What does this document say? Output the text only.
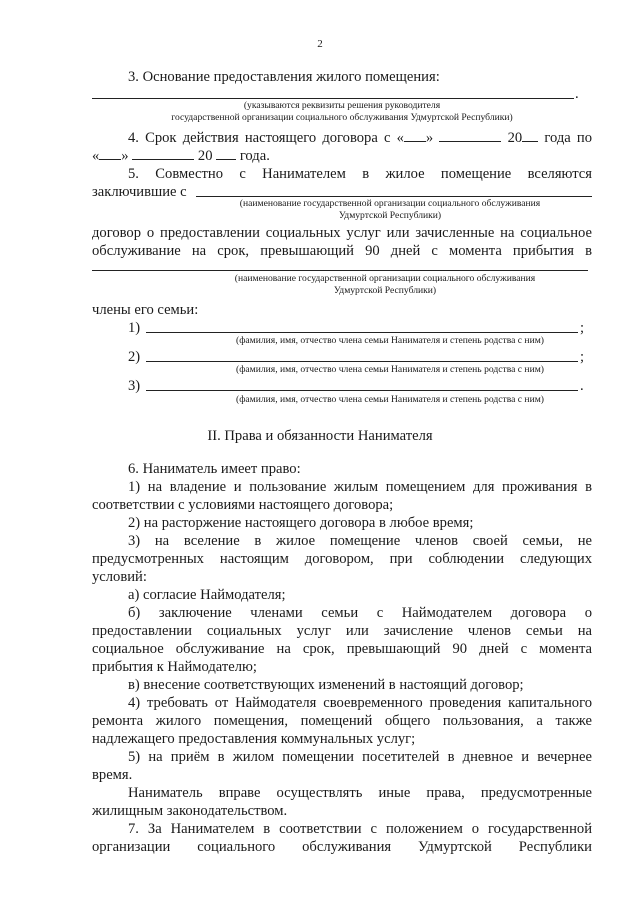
2
3. Основание предоставления жилого помещения:
.
(указываются реквизиты решения руководителя
государственной организации социального обслуживания Удмуртской Республики)
4. Срок действия настоящего договора с « »	20 года по
« »	20 года.
5. Совместно с Нанимателем в жилое помещение вселяются
заключившие с
(наименование государственной организации социального обслуживания
Удмуртской Республики)
договор о предоставлении социальных услуг или зачисленные на социальное
обслуживание на срок, превышающий 90 дней с момента прибытия в
(наименование государственной организации социального обслуживания
Удмуртской Республики)
члены его семьи:
1)	;
(фамилия, имя, отчество члена семьи Нанимателя и степень родства с ним)
2)	;
(фамилия, имя, отчество члена семьи Нанимателя и степень родства с ним)
3)	.
(фамилия, имя, отчество члена семьи Нанимателя и степень родства с ним)
II. Права и обязанности Нанимателя
6. Наниматель имеет право:
1) на владение и пользование жилым помещением для проживания в
соответствии с условиями настоящего договора;
2) на расторжение настоящего договора в любое время;
3) на вселение в жилое помещение членов своей семьи, не
предусмотренных настоящим договором, при соблюдении следующих
условий:
а) согласие Наймодателя;
б) заключение членами семьи с Наймодателем договора о
предоставлении социальных услуг или зачисление членов семьи на
социальное обслуживание на срок, превышающий 90 дней с момента
прибытия к Наймодателю;
в) внесение соответствующих изменений в настоящий договор;
4) требовать от Наймодателя своевременного проведения капитального
ремонта жилого помещения, помещений общего пользования, а также
надлежащего предоставления коммунальных услуг;
5) на приём в жилом помещении посетителей в дневное и вечернее
время.
Наниматель вправе осуществлять иные права, предусмотренные
жилищным законодательством.
7. За Нанимателем в соответствии с положением о государственной
организации социального обслуживания Удмуртской Республики
